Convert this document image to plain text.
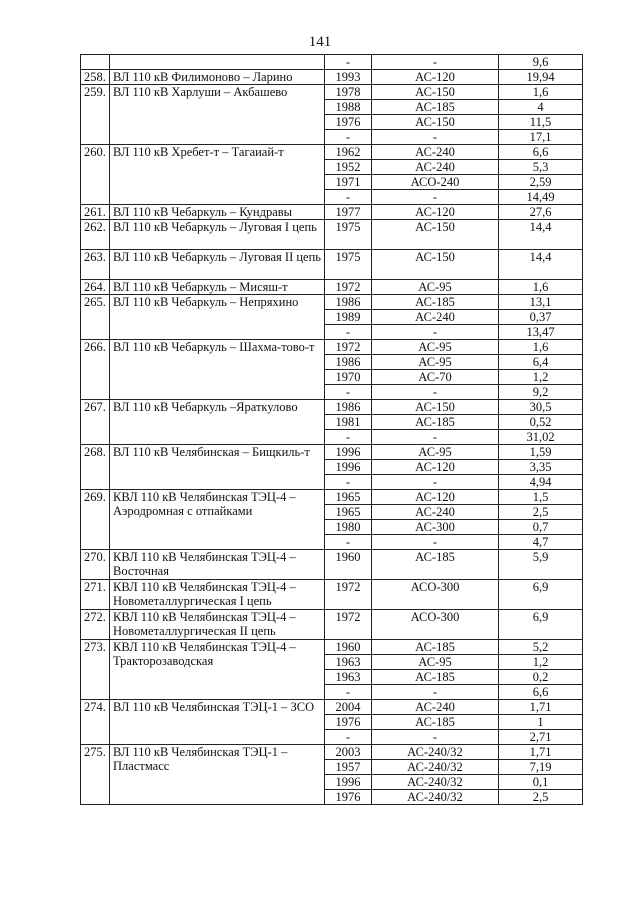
141
		-	-	9,6
258.	ВЛ 110 кВ Филимоново – Ларино	1993	АС-120	19,94
259.	ВЛ 110 кВ Харлуши – Акбашево	1978	АС-150	1,6
		1988	АС-185	4
		1976	АС-150	11,5
		-	-	17,1
260.	ВЛ 110 кВ Хребет-т – Тагаиай-т	1962	АС-240	6,6
		1952	АС-240	5,3
		1971	АСО-240	2,59
		-	-	14,49
261.	ВЛ 110 кВ Чебаркуль – Кундравы	1977	АС-120	27,6
262.	ВЛ 110 кВ Чебаркуль – Луговая I цепь	1975	АС-150	14,4
263.	ВЛ 110 кВ Чебаркуль – Луговая II цепь	1975	АС-150	14,4
264.	ВЛ 110 кВ Чебаркуль – Мисяш-т	1972	АС-95	1,6
265.	ВЛ 110 кВ Чебаркуль – Непряхино	1986	АС-185	13,1
		1989	АС-240	0,37
		-	-	13,47
266.	ВЛ 110 кВ Чебаркуль – Шахма-тово-т	1972	АС-95	1,6
		1986	АС-95	6,4
		1970	АС-70	1,2
		-	-	9,2
267.	ВЛ 110 кВ Чебаркуль –Яраткулово	1986	АС-150	30,5
		1981	АС-185	0,52
		-	-	31,02
268.	ВЛ 110 кВ Челябинская – Бищкиль-т	1996	АС-95	1,59
		1996	АС-120	3,35
		-	-	4,94
269.	КВЛ 110 кВ Челябинская ТЭЦ-4 – Аэродромная с отпайками	1965	АС-120	1,5
		1965	АС-240	2,5
		1980	АС-300	0,7
		-	-	4,7
270.	КВЛ 110 кВ Челябинская ТЭЦ-4 – Восточная	1960	АС-185	5,9
271.	КВЛ 110 кВ Челябинская ТЭЦ-4 – Новометаллургическая I цепь	1972	АСО-300	6,9
272.	КВЛ 110 кВ Челябинская ТЭЦ-4 – Новометаллургическая II цепь	1972	АСО-300	6,9
273.	КВЛ 110 кВ Челябинская ТЭЦ-4 – Тракторозаводская	1960	АС-185	5,2
		1963	АС-95	1,2
		1963	АС-185	0,2
		-	-	6,6
274.	ВЛ 110 кВ Челябинская ТЭЦ-1 – ЗСО	2004	АС-240	1,71
		1976	АС-185	1
		-	-	2,71
275.	ВЛ 110 кВ Челябинская ТЭЦ-1 – Пластмасс	2003	АС-240/32	1,71
		1957	АС-240/32	7,19
		1996	АС-240/32	0,1
		1976	АС-240/32	2,5
